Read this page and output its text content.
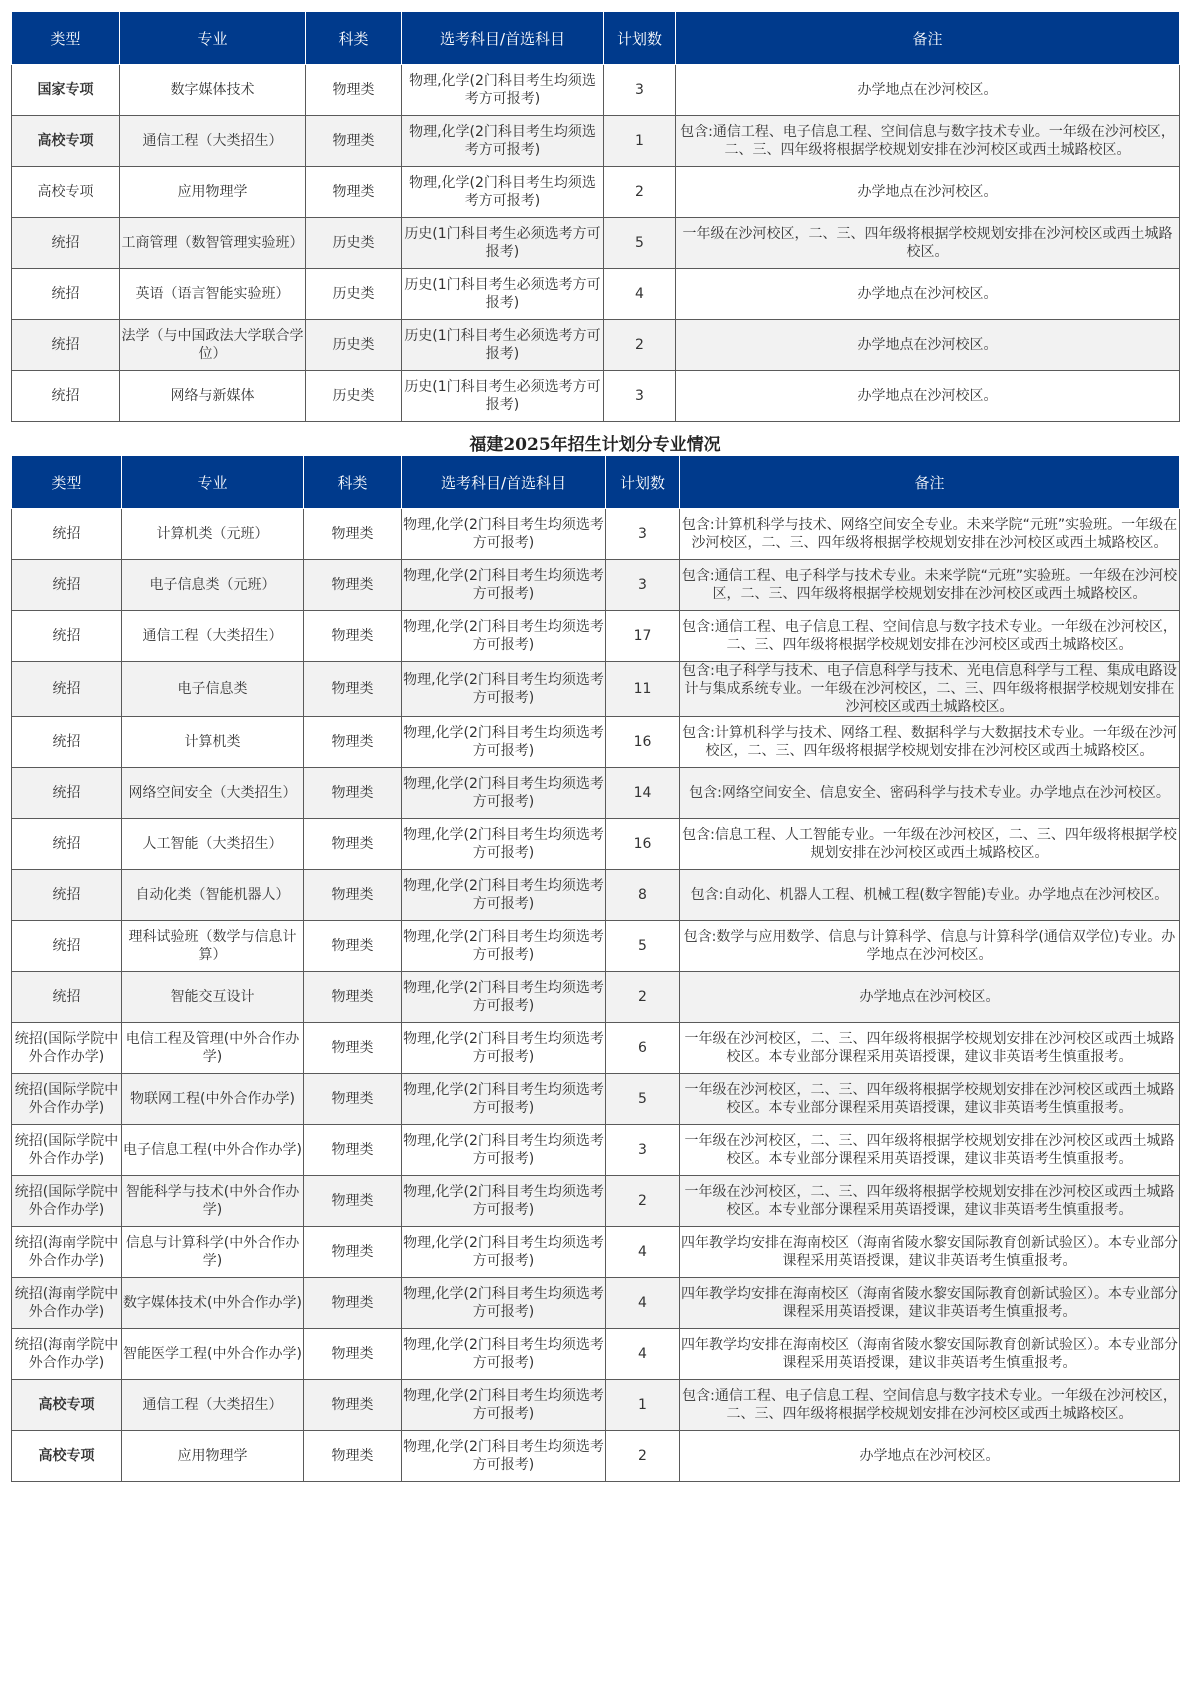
类型	专业	科类	选考科目/首选科目	计划数	备注
国家专项	数字媒体技术	物理类	物理,化学(2门科目考生均须选考方可报考)	3	办学地点在沙河校区。
高校专项	通信工程（大类招生）	物理类	物理,化学(2门科目考生均须选考方可报考)	1	包含:通信工程、电子信息工程、空间信息与数字技术专业。一年级在沙河校区，二、三、四年级将根据学校规划安排在沙河校区或西土城路校区。
高校专项	应用物理学	物理类	物理,化学(2门科目考生均须选考方可报考)	2	办学地点在沙河校区。
统招	工商管理（数智管理实验班）	历史类	历史(1门科目考生必须选考方可报考)	5	一年级在沙河校区，二、三、四年级将根据学校规划安排在沙河校区或西土城路校区。
统招	英语（语言智能实验班）	历史类	历史(1门科目考生必须选考方可报考)	4	办学地点在沙河校区。
统招	法学（与中国政法大学联合学位）	历史类	历史(1门科目考生必须选考方可报考)	2	办学地点在沙河校区。
统招	网络与新媒体	历史类	历史(1门科目考生必须选考方可报考)	3	办学地点在沙河校区。
福建2025年招生计划分专业情况
类型	专业	科类	选考科目/首选科目	计划数	备注
统招	计算机类（元班）	物理类	物理,化学(2门科目考生均须选考方可报考)	3	包含:计算机科学与技术、网络空间安全专业。未来学院“元班”实验班。一年级在沙河校区，二、三、四年级将根据学校规划安排在沙河校区或西土城路校区。
统招	电子信息类（元班）	物理类	物理,化学(2门科目考生均须选考方可报考)	3	包含:通信工程、电子科学与技术专业。未来学院“元班”实验班。一年级在沙河校区，二、三、四年级将根据学校规划安排在沙河校区或西土城路校区。
统招	通信工程（大类招生）	物理类	物理,化学(2门科目考生均须选考方可报考)	17	包含:通信工程、电子信息工程、空间信息与数字技术专业。一年级在沙河校区，二、三、四年级将根据学校规划安排在沙河校区或西土城路校区。
统招	电子信息类	物理类	物理,化学(2门科目考生均须选考方可报考)	11	包含:电子科学与技术、电子信息科学与技术、光电信息科学与工程、集成电路设计与集成系统专业。一年级在沙河校区，二、三、四年级将根据学校规划安排在沙河校区或西土城路校区。
统招	计算机类	物理类	物理,化学(2门科目考生均须选考方可报考)	16	包含:计算机科学与技术、网络工程、数据科学与大数据技术专业。一年级在沙河校区，二、三、四年级将根据学校规划安排在沙河校区或西土城路校区。
统招	网络空间安全（大类招生）	物理类	物理,化学(2门科目考生均须选考方可报考)	14	包含:网络空间安全、信息安全、密码科学与技术专业。办学地点在沙河校区。
统招	人工智能（大类招生）	物理类	物理,化学(2门科目考生均须选考方可报考)	16	包含:信息工程、人工智能专业。一年级在沙河校区，二、三、四年级将根据学校规划安排在沙河校区或西土城路校区。
统招	自动化类（智能机器人）	物理类	物理,化学(2门科目考生均须选考方可报考)	8	包含:自动化、机器人工程、机械工程(数字智能)专业。办学地点在沙河校区。
统招	理科试验班（数学与信息计算）	物理类	物理,化学(2门科目考生均须选考方可报考)	5	包含:数学与应用数学、信息与计算科学、信息与计算科学(通信双学位)专业。办学地点在沙河校区。
统招	智能交互设计	物理类	物理,化学(2门科目考生均须选考方可报考)	2	办学地点在沙河校区。
统招(国际学院中外合作办学)	电信工程及管理(中外合作办学)	物理类	物理,化学(2门科目考生均须选考方可报考)	6	一年级在沙河校区，二、三、四年级将根据学校规划安排在沙河校区或西土城路校区。本专业部分课程采用英语授课，建议非英语考生慎重报考。
统招(国际学院中外合作办学)	物联网工程(中外合作办学)	物理类	物理,化学(2门科目考生均须选考方可报考)	5	一年级在沙河校区，二、三、四年级将根据学校规划安排在沙河校区或西土城路校区。本专业部分课程采用英语授课，建议非英语考生慎重报考。
统招(国际学院中外合作办学)	电子信息工程(中外合作办学)	物理类	物理,化学(2门科目考生均须选考方可报考)	3	一年级在沙河校区，二、三、四年级将根据学校规划安排在沙河校区或西土城路校区。本专业部分课程采用英语授课，建议非英语考生慎重报考。
统招(国际学院中外合作办学)	智能科学与技术(中外合作办学)	物理类	物理,化学(2门科目考生均须选考方可报考)	2	一年级在沙河校区，二、三、四年级将根据学校规划安排在沙河校区或西土城路校区。本专业部分课程采用英语授课，建议非英语考生慎重报考。
统招(海南学院中外合作办学)	信息与计算科学(中外合作办学)	物理类	物理,化学(2门科目考生均须选考方可报考)	4	四年教学均安排在海南校区（海南省陵水黎安国际教育创新试验区）。本专业部分课程采用英语授课，建议非英语考生慎重报考。
统招(海南学院中外合作办学)	数字媒体技术(中外合作办学)	物理类	物理,化学(2门科目考生均须选考方可报考)	4	四年教学均安排在海南校区（海南省陵水黎安国际教育创新试验区）。本专业部分课程采用英语授课，建议非英语考生慎重报考。
统招(海南学院中外合作办学)	智能医学工程(中外合作办学)	物理类	物理,化学(2门科目考生均须选考方可报考)	4	四年教学均安排在海南校区（海南省陵水黎安国际教育创新试验区）。本专业部分课程采用英语授课，建议非英语考生慎重报考。
高校专项	通信工程（大类招生）	物理类	物理,化学(2门科目考生均须选考方可报考)	1	包含:通信工程、电子信息工程、空间信息与数字技术专业。一年级在沙河校区，二、三、四年级将根据学校规划安排在沙河校区或西土城路校区。
高校专项	应用物理学	物理类	物理,化学(2门科目考生均须选考方可报考)	2	办学地点在沙河校区。
